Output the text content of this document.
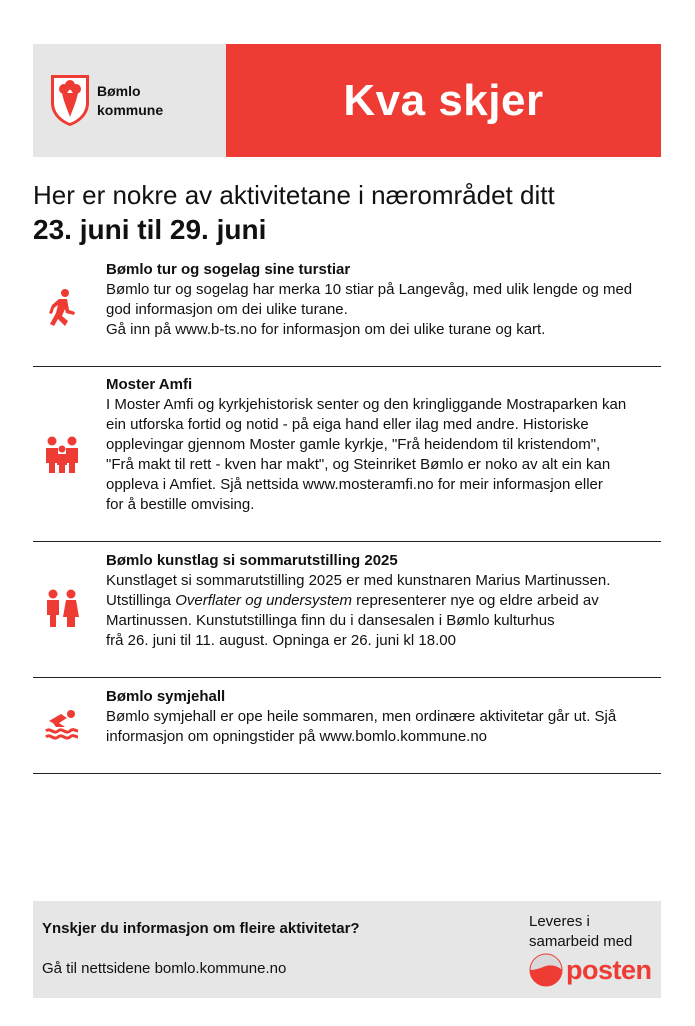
Bømlo
kommune	Kva skjer
Her er nokre av aktivitetane i nærområdet ditt
23. juni til 29. juni
Bømlo tur og sogelag sine turstiar
Bømlo tur og sogelag har merka 10 stiar på Langevåg, med ulik lengde og med
god informasjon om dei ulike turane.
Gå inn på www.b-ts.no for informasjon om dei ulike turane og kart.
Moster Amfi
I Moster Amfi og kyrkjehistorisk senter og den kringliggande Mostraparken kan
ein utforska fortid og notid - på eiga hand eller ilag med andre. Historiske
opplevingar gjennom Moster gamle kyrkje, "Frå heidendom til kristendom",
"Frå makt til rett - kven har makt", og Steinriket Bømlo er noko av alt ein kan
oppleva i Amfiet. Sjå nettsida www.mosteramfi.no for meir informasjon eller
for å bestille omvising.
Bømlo kunstlag si sommarutstilling 2025
Kunstlaget si sommarutstilling 2025 er med kunstnaren Marius Martinussen.
Utstillinga Overflater og undersystem representerer nye og eldre arbeid av
Martinussen. Kunstutstillinga finn du i dansesalen i Bømlo kulturhus
frå 26. juni til 11. august. Opninga er 26. juni kl 18.00
Bømlo symjehall
Bømlo symjehall er ope heile sommaren, men ordinære aktivitetar går ut. Sjå
informasjon om opningstider på www.bomlo.kommune.no
Ynskjer du informasjon om fleire aktivitetar?
Gå til nettsidene bomlo.kommune.no
Leveres i
samarbeid med
posten
